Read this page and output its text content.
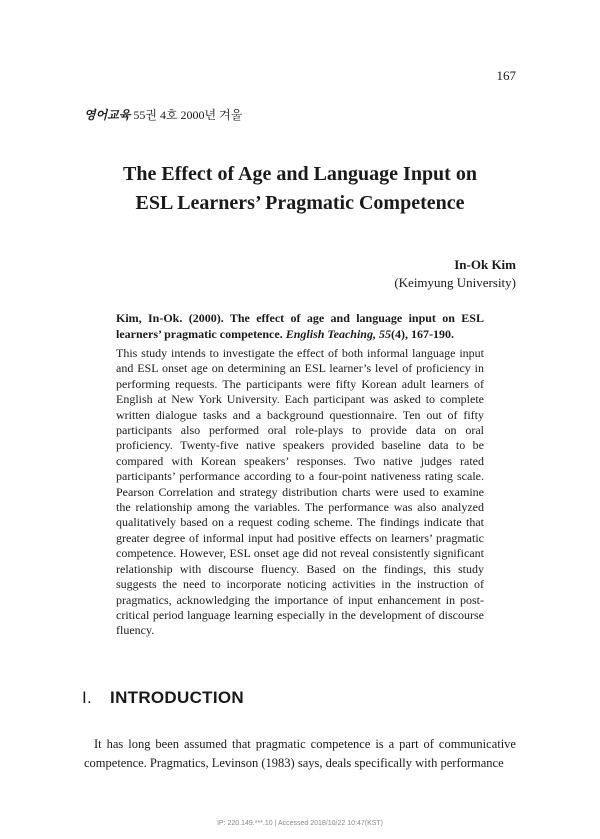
167
영어교육 55권 4호 2000년 겨울
The Effect of Age and Language Input on
ESL Learners’ Pragmatic Competence
In-Ok Kim
(Keimyung University)

Kim, In-Ok. (2000). The effect of age and language input on ESL learners’ pragmatic competence. English Teaching, 55(4), 167-190.

This study intends to investigate the effect of both informal language input and ESL onset age on determining an ESL learner’s level of proficiency in performing requests. The participants were fifty Korean adult learners of English at New York University. Each participant was asked to complete written dialogue tasks and a background questionnaire. Ten out of fifty participants also performed oral role-plays to provide data on oral proficiency. Twenty-five native speakers provided baseline data to be compared with Korean speakers’ responses. Two native judges rated participants’ performance according to a four-point nativeness rating scale. Pearson Correlation and strategy distribution charts were used to examine the relationship among the variables. The performance was also analyzed qualitatively based on a request coding scheme. The findings indicate that greater degree of informal input had positive effects on learners’ pragmatic competence. However, ESL onset age did not reveal consistently significant relationship with discourse fluency. Based on the findings, this study suggests the need to incorporate noticing activities in the instruction of pragmatics, acknowledging the importance of input enhancement in post-critical period language learning especially in the development of discourse fluency.

I. INTRODUCTION

It has long been assumed that pragmatic competence is a part of communicative competence. Pragmatics, Levinson (1983) says, deals specifically with performance

IP: 220.149.***.10 | Accessed 2018/10/22 10:47(KST)
